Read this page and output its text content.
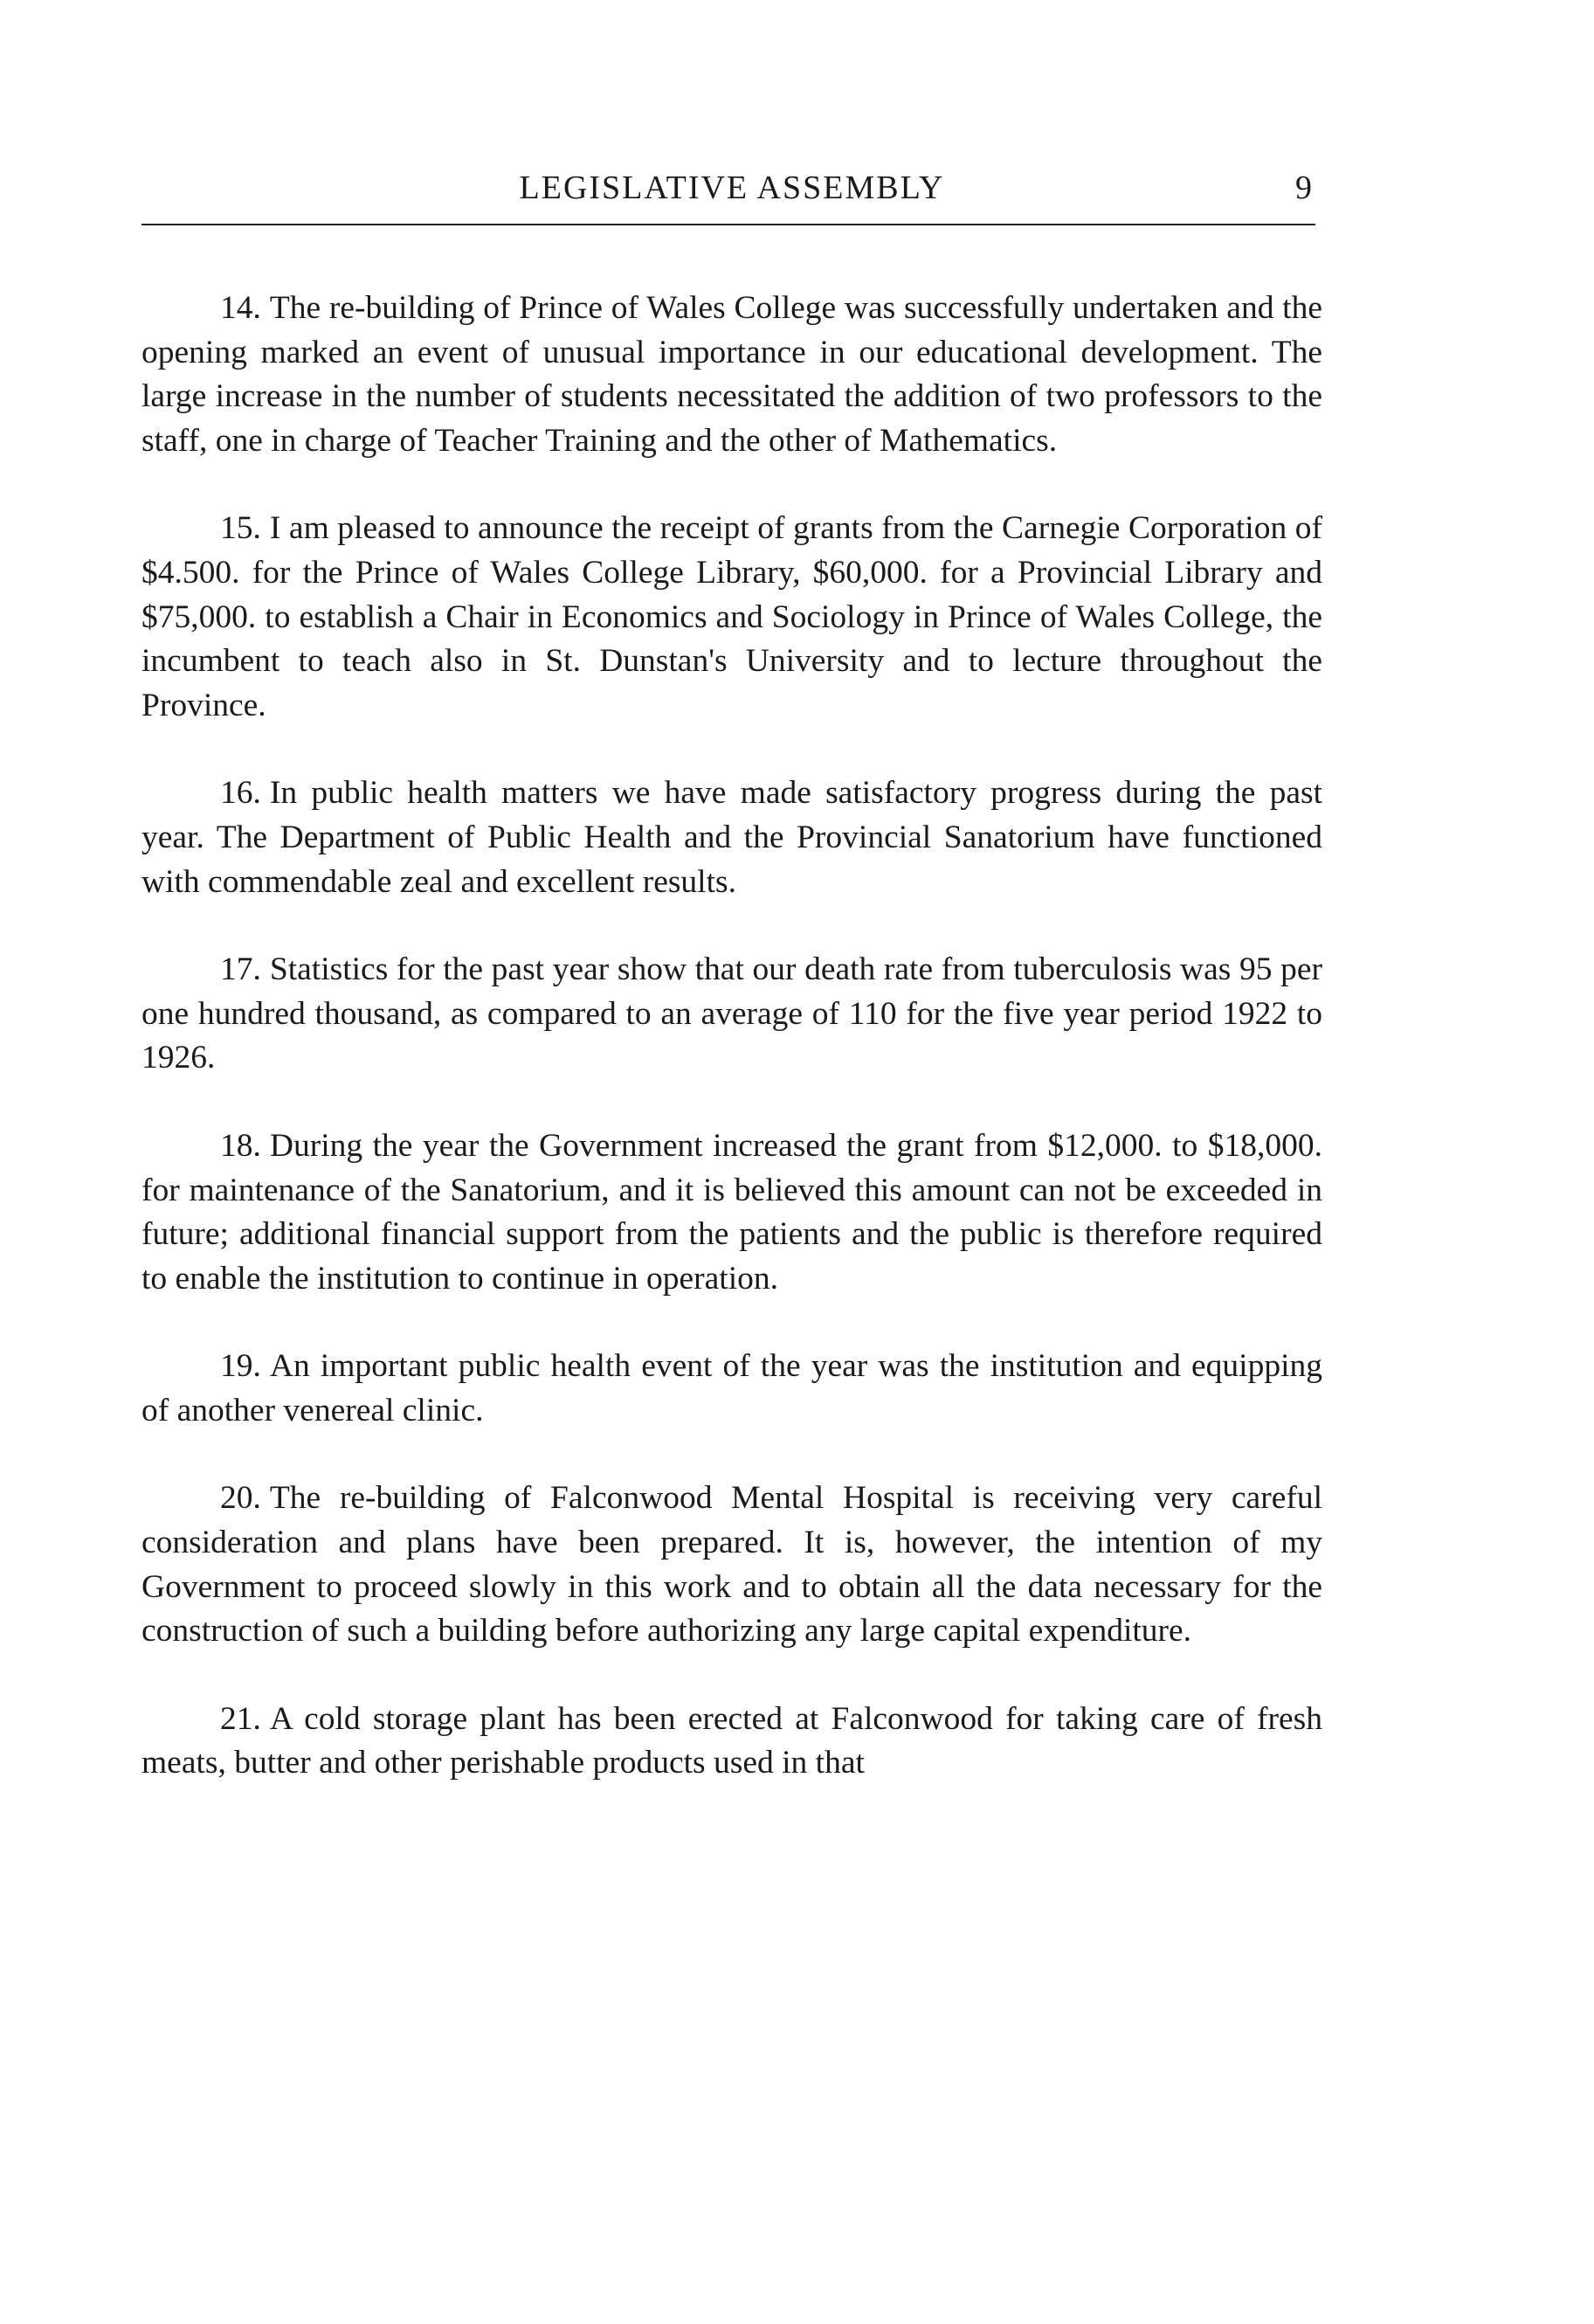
LEGISLATIVE ASSEMBLY	9

14. The re-building of Prince of Wales College was successfully undertaken and the opening marked an event of unusual importance in our educational development. The large increase in the number of students necessitated the addition of two professors to the staff, one in charge of Teacher Training and the other of Mathematics.

15. I am pleased to announce the receipt of grants from the Carnegie Corporation of $4.500. for the Prince of Wales College Library, $60,000. for a Provincial Library and $75,000. to establish a Chair in Economics and Sociology in Prince of Wales College, the incumbent to teach also in St. Dunstan's University and to lecture throughout the Province.

16. In public health matters we have made satisfactory progress during the past year. The Department of Public Health and the Provincial Sanatorium have functioned with commendable zeal and excellent results.

17. Statistics for the past year show that our death rate from tuberculosis was 95 per one hundred thousand, as compared to an average of 110 for the five year period 1922 to 1926.

18. During the year the Government increased the grant from $12,000. to $18,000. for maintenance of the Sanatorium, and it is believed this amount can not be exceeded in future; additional financial support from the patients and the public is therefore required to enable the institution to continue in operation.

19. An important public health event of the year was the institution and equipping of another venereal clinic.

20. The re-building of Falconwood Mental Hospital is receiving very careful consideration and plans have been prepared. It is, however, the intention of my Government to proceed slowly in this work and to obtain all the data necessary for the construction of such a building before authorizing any large capital expenditure.

21. A cold storage plant has been erected at Falconwood for taking care of fresh meats, butter and other perishable products used in that
